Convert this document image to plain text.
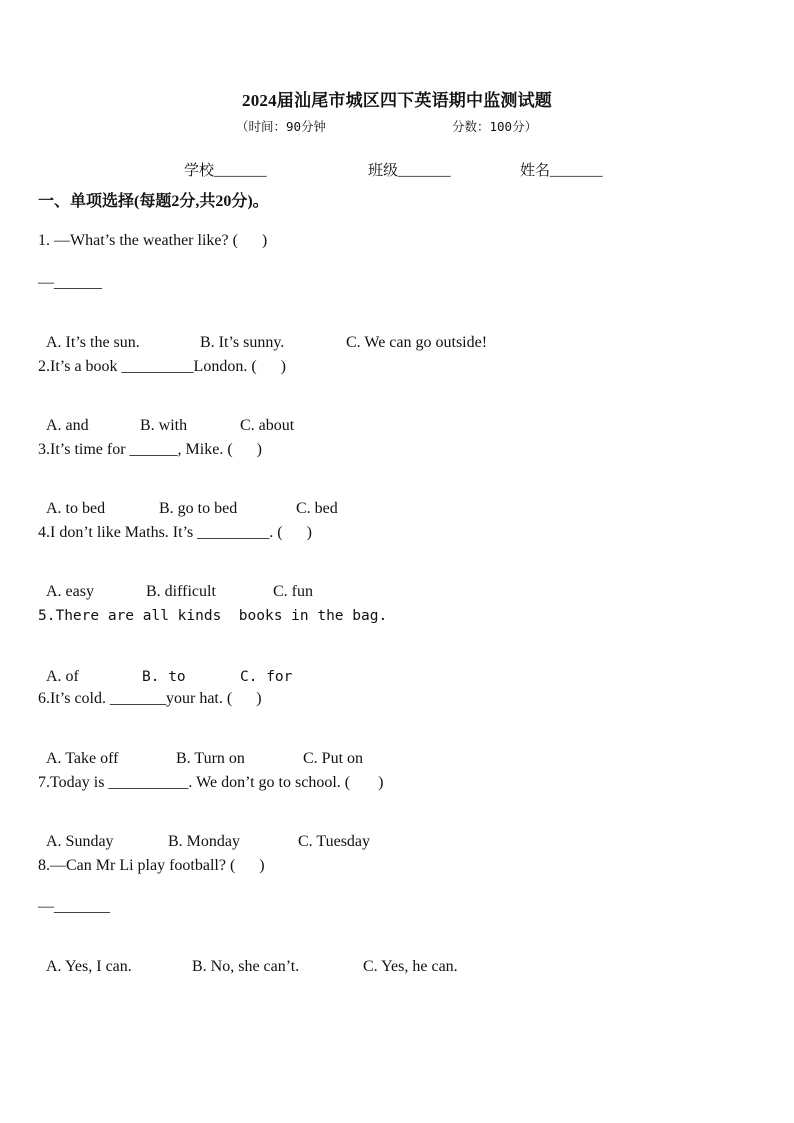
2024届汕尾市城区四下英语期中监测试题
（时间：90分钟	分数：100分）
学校_______	班级_______	姓名_______
一、单项选择(每题2分,共20分)。
1. —What’s the weather like? (      )
—______

A. It’s the sun.	B. It’s sunny.	C. We can go outside!

2.It’s a book _________London. (      )

A. and	B. with	C. about

3.It’s time for ______, Mike. (      )

A. to bed	B. go to bed	C. bed

4.I don’t like Maths. It’s _________. (      )

A. easy	B. difficult	C. fun

5.There are all kinds  books in the bag.

A. of	B. to	C. for

6.It’s cold. _______your hat. (      )

A. Take off	B. Turn on	C. Put on

7.Today is __________. We don’t go to school. (       )

A. Sunday	B. Monday	C. Tuesday

8.—Can Mr Li play football? (      )
—_______

A. Yes, I can.	B. No, she can’t.	C. Yes, he can.
